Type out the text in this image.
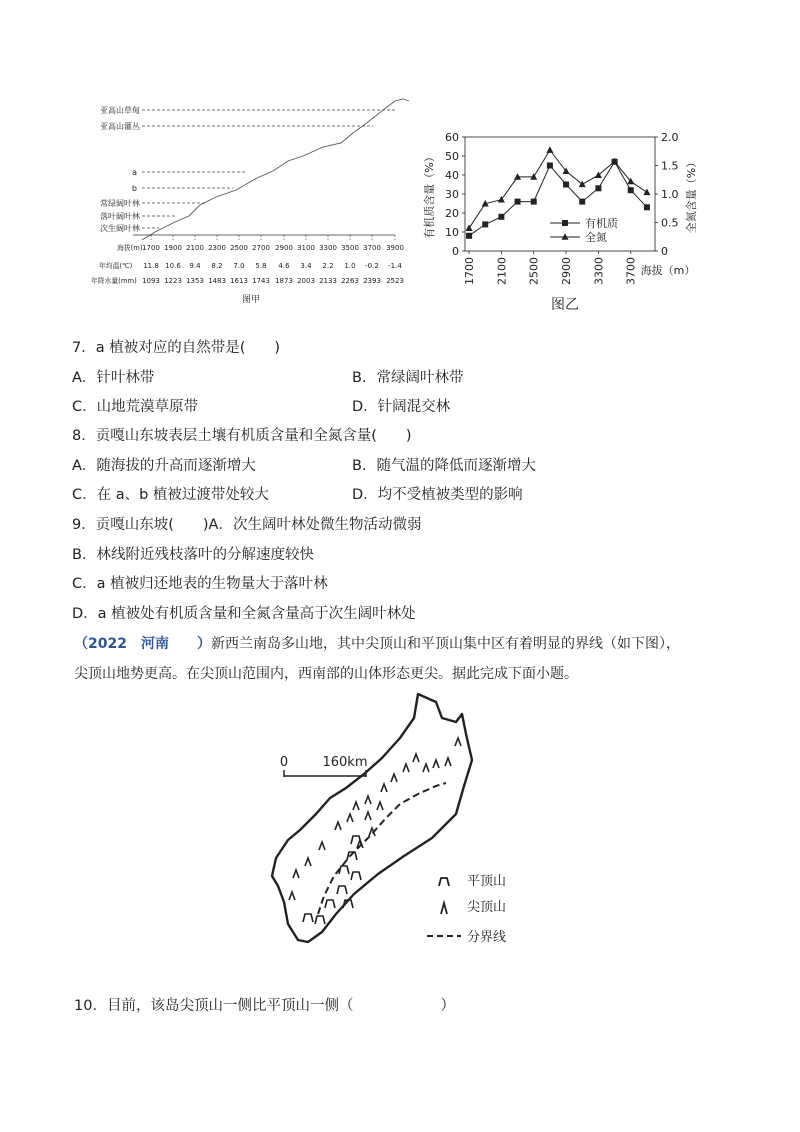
亚高山草甸
亚高山灌丛
a
b
常绿阔叶林
落叶阔叶林
次生阔叶林
海拔(m) 1700 1900 2100 2300 2500 2700 2900 3100 3300 3500 3700 3900
年均温(℃) 11.8 10.6 9.4 8.2 7.0 5.8 4.6 3.4 2.2 1.0 -0.2 -1.4
年降水量(mm) 1093 1223 1353 1483 1613 1743 1873 2003 2133 2263 2393 2523
图甲
0
10
20
30
40
50
60
0
0.5
1.0
1.5
2.0
1700 2100 2500 2900 3300 3700
有机质
全氮
有机质含量（%）	全氮含量（%）
海拔（m）
图乙
7．a 植被对应的自然带是(　　)
A．针叶林带	B．常绿阔叶林带
C．山地荒漠草原带	D．针阔混交林
8．贡嘎山东坡表层土壤有机质含量和全氮含量(　　)
A．随海拔的升高而逐渐增大	B．随气温的降低而逐渐增大
C．在 a、b 植被过渡带处较大	D．均不受植被类型的影响
9．贡嘎山东坡(　　)A．次生阔叶林处微生物活动微弱
B．林线附近残枝落叶的分解速度较快
C．a 植被归还地表的生物量大于落叶林
D．a 植被处有机质含量和全氮含量高于次生阔叶林处
（2022　河南　　）新西兰南岛多山地，其中尖顶山和平顶山集中区有着明显的界线（如下图），
尖顶山地势更高。在尖顶山范围内，西南部的山体形态更尖。据此完成下面小题。
0	160km
平顶山
尖顶山
分界线
10．目前，该岛尖顶山一侧比平顶山一侧（　　　　　　）
